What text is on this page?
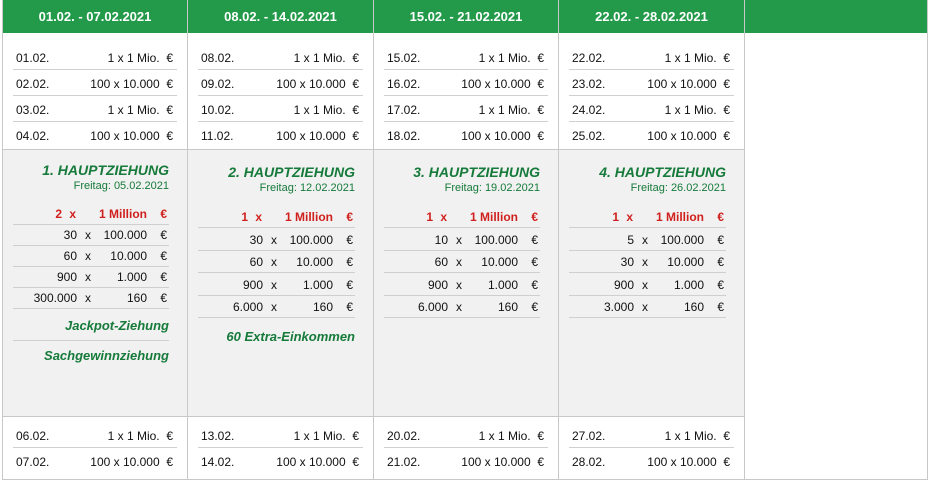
01.02. - 07.02.2021
01.02.	1 x 1 Mio.  €
02.02.	100 x 10.000  €
03.02.	1 x 1 Mio.  €
04.02.	100 x 10.000  €
1. HAUPTZIEHUNG
Freitag: 05.02.2021
2 x 1 Million €
30 x 100.000 €
60 x 10.000 €
900 x 1.000 €
300.000 x	160 €
Jackpot-Ziehung
Sachgewinnziehung
06.02.	1 x 1 Mio.  €
07.02.	100 x 10.000  €
08.02. - 14.02.2021
08.02.	1 x 1 Mio.  €
09.02.	100 x 10.000  €
10.02.	1 x 1 Mio.  €
11.02.	100 x 10.000  €
2. HAUPTZIEHUNG
Freitag: 12.02.2021
1 x 1 Million €
30 x 100.000 €
60 x 10.000 €
900 x 1.000 €
6.000 x	160 €
60 Extra-Einkommen
13.02.	1 x 1 Mio.  €
14.02.	100 x 10.000  €
15.02. - 21.02.2021
15.02.	1 x 1 Mio.  €
16.02.	100 x 10.000  €
17.02.	1 x 1 Mio.  €
18.02.	100 x 10.000  €
3. HAUPTZIEHUNG
Freitag: 19.02.2021
1 x 1 Million €
10 x 100.000 €
60 x 10.000 €
900 x 1.000 €
6.000 x	160 €
20.02.	1 x 1 Mio.  €
21.02.	100 x 10.000  €
22.02. - 28.02.2021
22.02.	1 x 1 Mio.  €
23.02.	100 x 10.000  €
24.02.	1 x 1 Mio.  €
25.02.	100 x 10.000  €
4. HAUPTZIEHUNG
Freitag: 26.02.2021
1 x 1 Million €
5 x 100.000 €
30 x 10.000 €
900 x 1.000 €
3.000 x	160 €
27.02.	1 x 1 Mio.  €
28.02.	100 x 10.000  €
